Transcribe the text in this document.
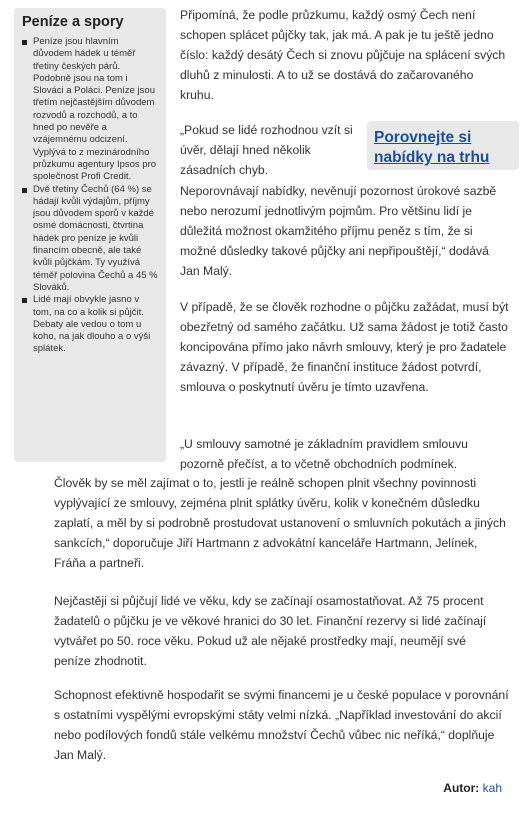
Peníze a spory
Peníze jsou hlavním důvodem hádek u téměř třetiny českých párů. Podobně jsou na tom i Slováci a Poláci. Peníze jsou třetím nejčastějším důvodem rozvodů a rozchodů, a to hned po nevěře a vzájemnému odcizení. Vyplývá to z mezinárodního průzkumu agentury Ipsos pro společnost Profi Credit.
Dvě třetiny Čechů (64 %) se hádají kvůli výdajům, příjmy jsou důvodem sporů v každé osmé domácnosti, čtvrtina hádek pro peníze je kvůli financím obecně, ale také kvůli půjčkám. Ty využívá téměř polovina Čechů a 45 % Slováků.
Lidé mají obvykle jasno v tom, na co a kolik si půjčit. Debaty ale vedou o tom u koho, na jak dlouho a o výši splátek.

Připomíná, že podle průzkumu, každý osmý Čech není schopen splácet půjčky tak, jak má. A pak je tu ještě jedno číslo: každý desátý Čech si znovu půjčuje na splácení svých dluhů z minulosti. A to už se dostává do začarovaného kruhu.

„Pokud se lidé rozhodnou vzít si úvěr, dělají hned několik zásadních chyb.

Porovnejte si nabídky na trhu

Neporovnávají nabídky, nevěnují pozornost úrokové sazbě nebo nerozumí jednotlivým pojmům. Pro většinu lidí je důležitá možnost okamžitého příjmu peněz s tím, že si možné důsledky takové půjčky ani nepřipouštějí,“ dodává Jan Malý.

V případě, že se člověk rozhodne o půjčku zažádat, musí být obezřetný od samého začátku. Už sama žádost je totiž často koncipována přímo jako návrh smlouvy, který je pro žadatele závazný. V případě, že finanční instituce žádost potvrdí, smlouva o poskytnutí úvěru je tímto uzavřena.

„U smlouvy samotné je základním pravidlem smlouvu pozorně přečíst, a to včetně obchodních podmínek.

Člověk by se měl zajímat o to, jestli je reálně schopen plnit všechny povinnosti vyplývající ze smlouvy, zejména plnit splátky úvěru, kolik v konečném důsledku zaplatí, a měl by si podrobně prostudovat ustanovení o smluvních pokutách a jiných sankcích,“ doporučuje Jiří Hartmann z advokátní kanceláře Hartmann, Jelínek, Fráňa a partneři.

Nejčastěji si půjčují lidé ve věku, kdy se začínají osamostatňovat. Až 75 procent žadatelů o půjčku je ve věkové hranici do 30 let. Finanční rezervy si lidé začínají vytvářet po 50. roce věku. Pokud už ale nějaké prostředky mají, neumějí své peníze zhodnotit.

Schopnost efektivně hospodařit se svými financemi je u české populace v porovnání s ostatními vyspělými evropskými státy velmi nízká. „Například investování do akcií nebo podílových fondů stále velkému množství Čechů vůbec nic neříká,“ doplňuje Jan Malý.

Autor: kah
